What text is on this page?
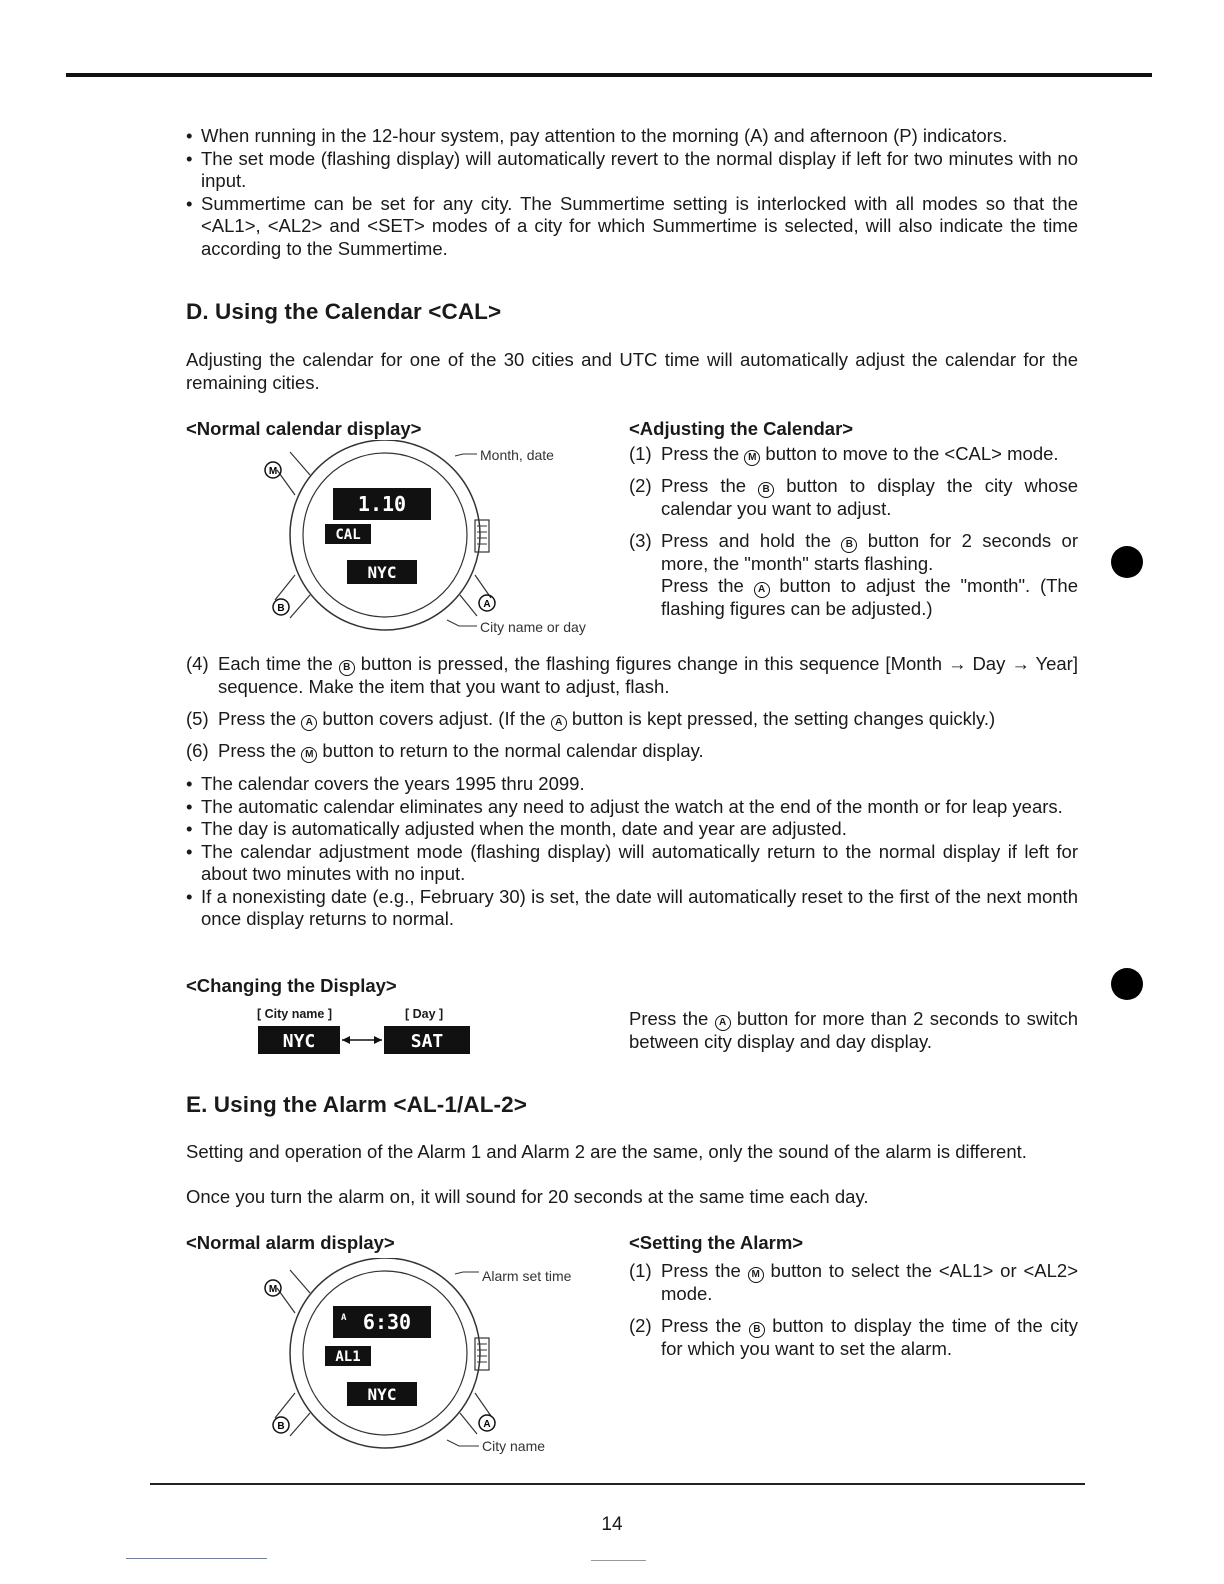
• When running in the 12-hour system, pay attention to the morning (A) and afternoon (P) indicators.
• The set mode (flashing display) will automatically revert to the normal display if left for two minutes with no input.
• Summertime can be set for any city. The Summertime setting is interlocked with all modes so that the <AL1>, <AL2> and <SET> modes of a city for which Summertime is selected, will also indicate the time according to the Summertime.
D. Using the Calendar <CAL>

Adjusting the calendar for one of the 30 cities and UTC time will automatically adjust the calendar for the remaining cities.

<Normal calendar display>
1.10
CAL
NYC
M
B	A
Month, date
City name or day
<Adjusting the Calendar>
(1) Press the M button to move to the <CAL> mode.
(2) Press the B button to display the city whose calendar you want to adjust.
(3) Press and hold the B button for 2 seconds or more, the "month" starts flashing.
Press the A button to adjust the "month". (The flashing figures can be adjusted.)
(4) Each time the B button is pressed, the flashing figures change in this sequence [Month → Day → Year] sequence. Make the item that you want to adjust, flash.
(5) Press the A button covers adjust. (If the A button is kept pressed, the setting changes quickly.)
(6) Press the M button to return to the normal calendar display.
• The calendar covers the years 1995 thru 2099.
• The automatic calendar eliminates any need to adjust the watch at the end of the month or for leap years.
• The day is automatically adjusted when the month, date and year are adjusted.
• The calendar adjustment mode (flashing display) will automatically return to the normal display if left for about two minutes with no input.
• If a nonexisting date (e.g., February 30) is set, the date will automatically reset to the first of the next month once display returns to normal.
<Changing the Display>
[ City name ]	[ Day ]
NYC	SAT

Press the A button for more than 2 seconds to switch between city display and day display.

E. Using the Alarm <AL-1/AL-2>

Setting and operation of the Alarm 1 and Alarm 2 are the same, only the sound of the alarm is different.

Once you turn the alarm on, it will sound for 20 seconds at the same time each day.

<Normal alarm display>
A 6:30
AL1
NYC
M
B	A
Alarm set time
City name
<Setting the Alarm>
(1) Press the M button to select the <AL1> or <AL2> mode.
(2) Press the B button to display the time of the city for which you want to set the alarm.
14
